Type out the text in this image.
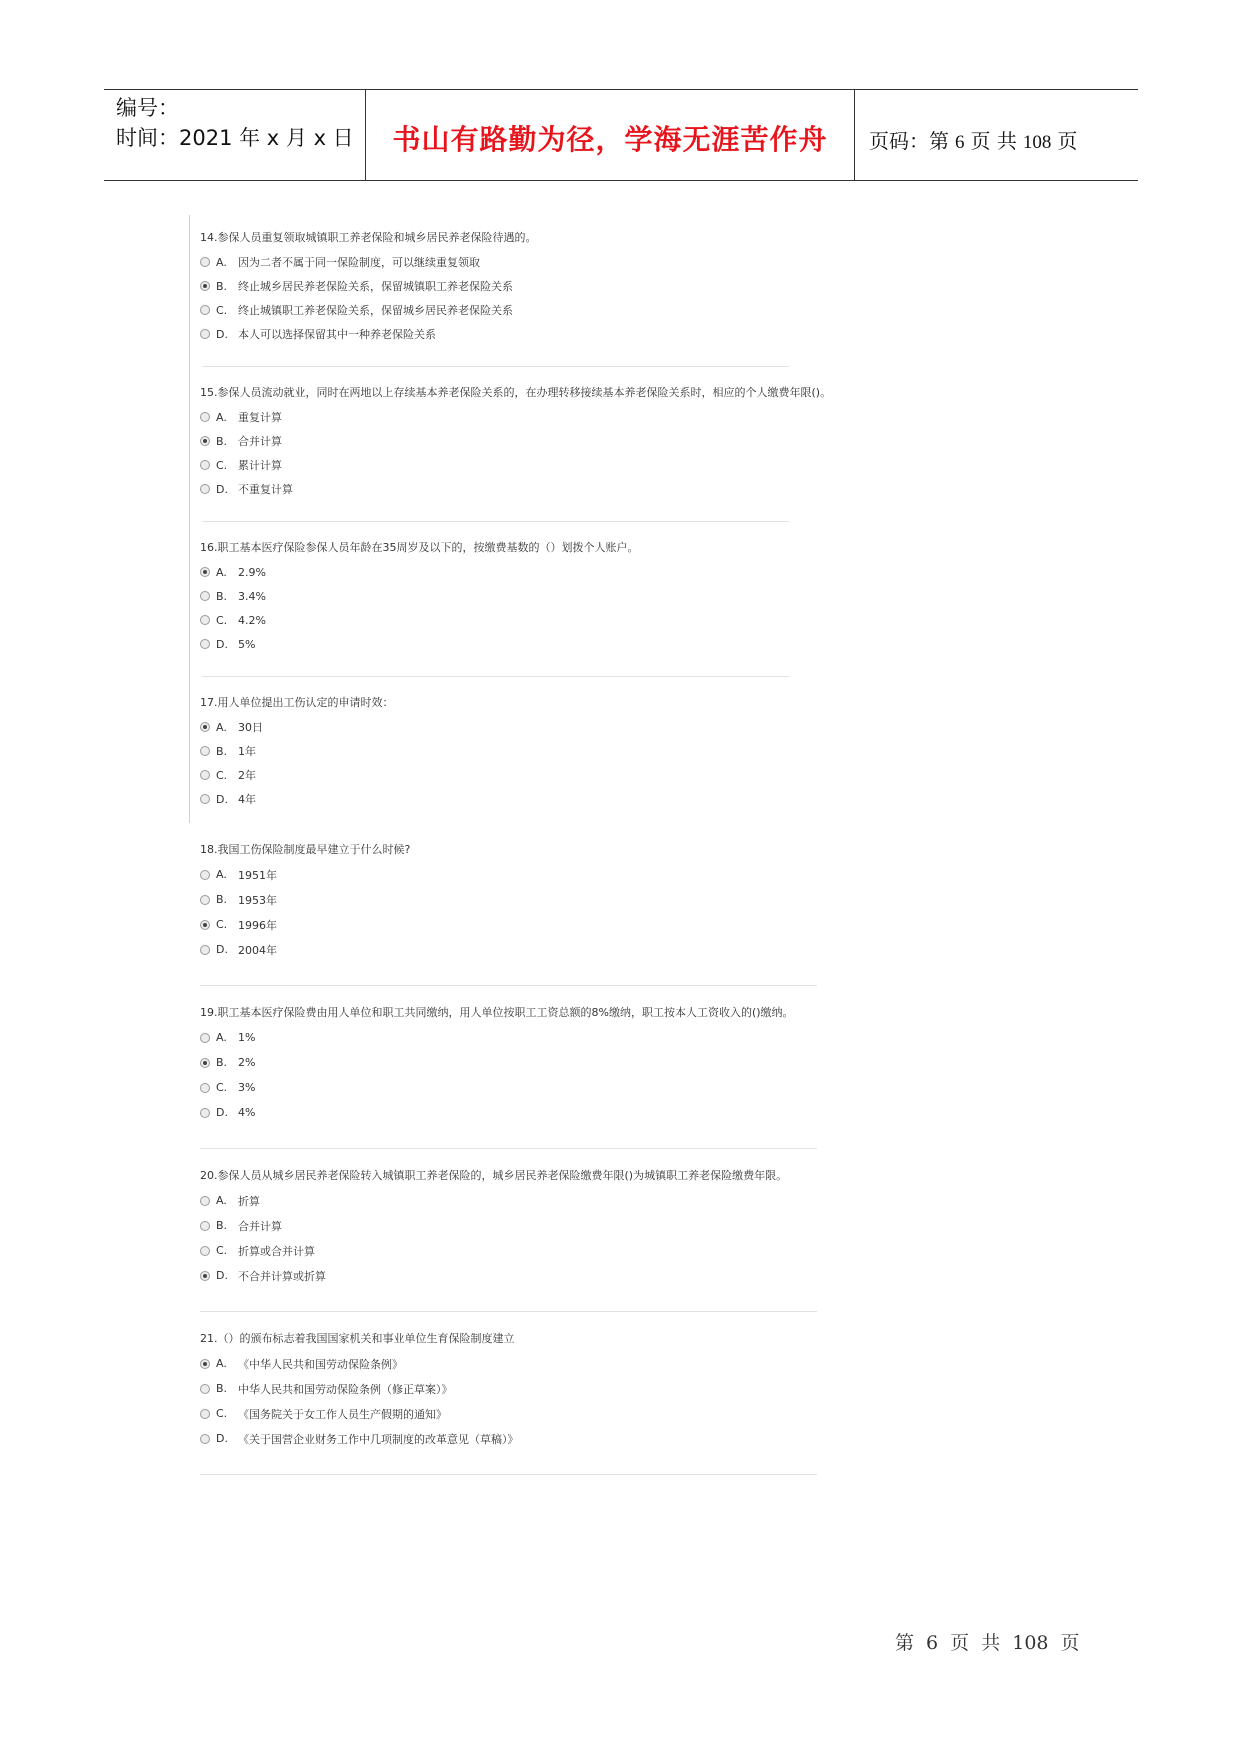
编号：
时间：2021 年 x 月 x 日	书山有路勤为径，学海无涯苦作舟 页码：第 6 页 共 108 页
14.参保人员重复领取城镇职工养老保险和城乡居民养老保险待遇的。
A.	因为二者不属于同一保险制度，可以继续重复领取
B. 终止城乡居民养老保险关系，保留城镇职工养老保险关系
C. 终止城镇职工养老保险关系，保留城乡居民养老保险关系
D. 本人可以选择保留其中一种养老保险关系
15.参保人员流动就业，同时在两地以上存续基本养老保险关系的，在办理转移接续基本养老保险关系时，相应的个人缴费年限()。
A.	重复计算
B. 合并计算
C. 累计计算
D. 不重复计算
16.职工基本医疗保险参保人员年龄在35周岁及以下的，按缴费基数的（）划拨个人账户。
A.	2.9%
B. 3.4%
C. 4.2%
D. 5%
17.用人单位提出工伤认定的申请时效：
A.	30日
B. 1年
C. 2年
D. 4年
18.我国工伤保险制度最早建立于什么时候?
A.	1951年
B. 1953年
C. 1996年
D. 2004年
19.职工基本医疗保险费由用人单位和职工共同缴纳，用人单位按职工工资总额的8%缴纳，职工按本人工资收入的()缴纳。
A.	1%
B. 2%
C. 3%
D. 4%
20.参保人员从城乡居民养老保险转入城镇职工养老保险的，城乡居民养老保险缴费年限()为城镇职工养老保险缴费年限。
A.	折算
B. 合并计算
C. 折算或合并计算
D. 不合并计算或折算
21.（）的颁布标志着我国国家机关和事业单位生育保险制度建立
A.	《中华人民共和国劳动保险条例》
B. 中华人民共和国劳动保险条例（修正草案）》
C. 《国务院关于女工作人员生产假期的通知》
D. 《关于国营企业财务工作中几项制度的改革意见（草稿）》
第 6 页 共 108 页
